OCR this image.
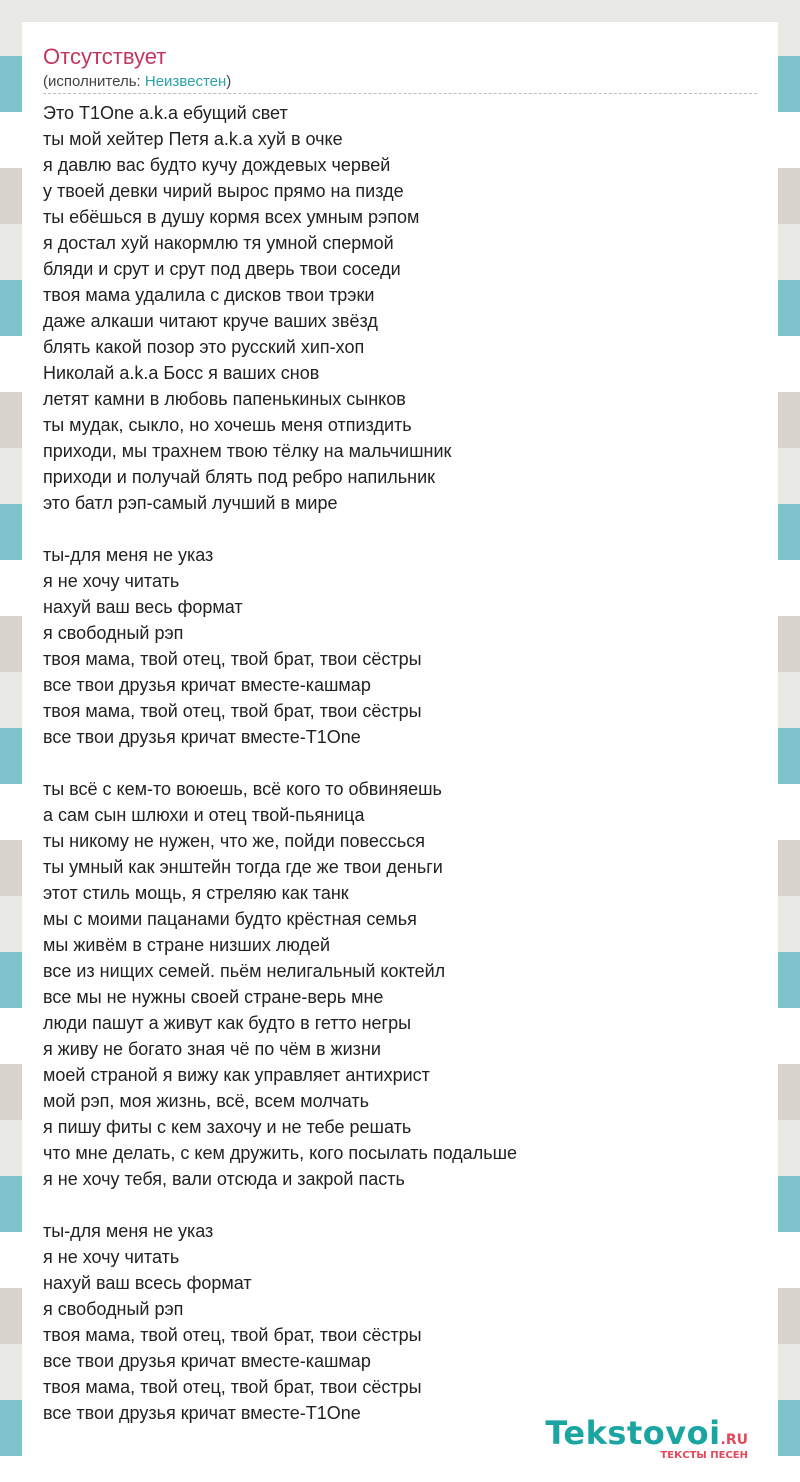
Отсутствует
(исполнитель: Неизвестен)
Это T1One a.k.a ебущий свет
ты мой хейтер Петя a.k.a хуй в очке
я давлю вас будто кучу дождевых червей
у твоей девки чирий вырос прямо на пизде
ты ебёшься в душу кормя всех умным рэпом
я достал хуй накормлю тя умной спермой
бляди и срут и срут под дверь твои соседи
твоя мама удалила с дисков твои трэки
даже алкаши читают круче ваших звёзд
блять какой позор это русский хип-хоп
Николай a.k.a Босс я ваших снов
летят камни в любовь папенькиных сынков
ты мудак, сыкло, но хочешь меня отпиздить
приходи, мы трахнем твою тёлку на мальчишник
приходи и получай блять под ребро напильник
это батл рэп-самый лучший в мире
ты-для меня не указ
я не хочу читать
нахуй ваш весь формат
я свободный рэп
твоя мама, твой отец, твой брат, твои сёстры
все твои друзья кричат вместе-кашмар
твоя мама, твой отец, твой брат, твои сёстры
все твои друзья кричат вместе-T1One
ты всё с кем-то воюешь, всё кого то обвиняешь
а сам сын шлюхи и отец твой-пьяница
ты никому не нужен, что же, пойди повессься
ты умный как энштейн тогда где же твои деньги
этот стиль мощь, я стреляю как танк
мы с моими пацанами будто крёстная семья
мы живём в стране низших людей
все из нищих семей. пьём нелигальный коктейл
все мы не нужны своей стране-верь мне
люди пашут а живут как будто в гетто негры
я живу не богато зная чё по чём в жизни
моей страной я вижу как управляет антихрист
мой рэп, моя жизнь, всё, всем молчать
я пишу фиты с кем захочу и не тебе решать
что мне делать, с кем дружить, кого посылать подальше
я не хочу тебя, вали отсюда и закрой пасть
ты-для меня не указ
я не хочу читать
нахуй ваш всесь формат
я свободный рэп
твоя мама, твой отец, твой брат, твои сёстры
все твои друзья кричат вместе-кашмар
твоя мама, твой отец, твой брат, твои сёстры
все твои друзья кричат вместе-T1One
Tekstovoi.RU
ТЕКСТЫ ПЕСЕН
